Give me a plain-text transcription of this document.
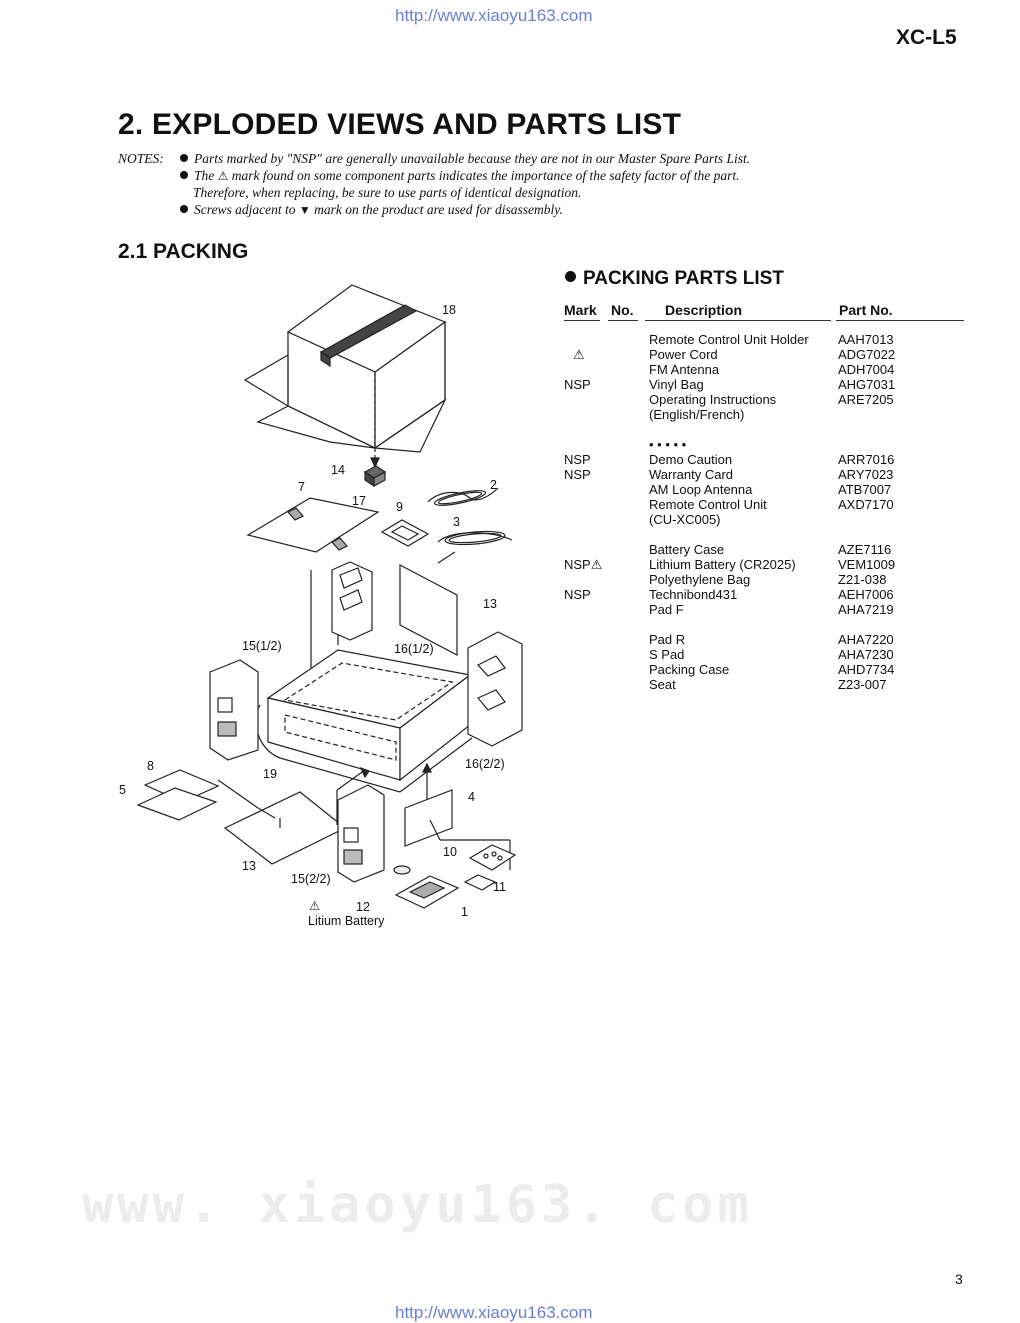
http://www.xiaoyu163.com
XC-L5
www. xiaoyu163. com
2. EXPLODED VIEWS AND PARTS LIST
NOTES:	Parts marked by "NSP" are generally unavailable because they are not in our Master Spare Parts List.
The ⚠ mark found on some component parts indicates the importance of the safety factor of the part.
Therefore, when replacing, be sure to use parts of identical designation.
Screws adjacent to ▼ mark on the product are used for disassembly.
2.1 PACKING
PACKING PARTS LIST
Mark No. Description	Part No.
Remote Control Unit Holder AAH7013
⚠	Power Cord	ADG7022
FM Antenna	ADH7004
NSP	Vinyl Bag	AHG7031
Operating Instructions	ARE7205
(English/French)
• • • • •
NSP	Demo Caution	ARR7016
NSP	Warranty Card	ARY7023
AM Loop Antenna	ATB7007
Remote Control Unit	AXD7170
(CU-XC005)
Battery Case	AZE7116
NSP⚠	Lithium Battery (CR2025)	VEM1009
Polyethylene Bag	Z21-038
NSP	Technibond431	AEH7006
Pad F	AHA7219
Pad R	AHA7220
S Pad	AHA7230
Packing Case	AHD7734
Seat	Z23-007
18
14
7
17 9
2
3
13
15(1/2)	16(1/2)
16(2/2)
19
8
5	4
13
15(2/2)
10
11
⚠	12	1
Litium Battery
3
http://www.xiaoyu163.com
